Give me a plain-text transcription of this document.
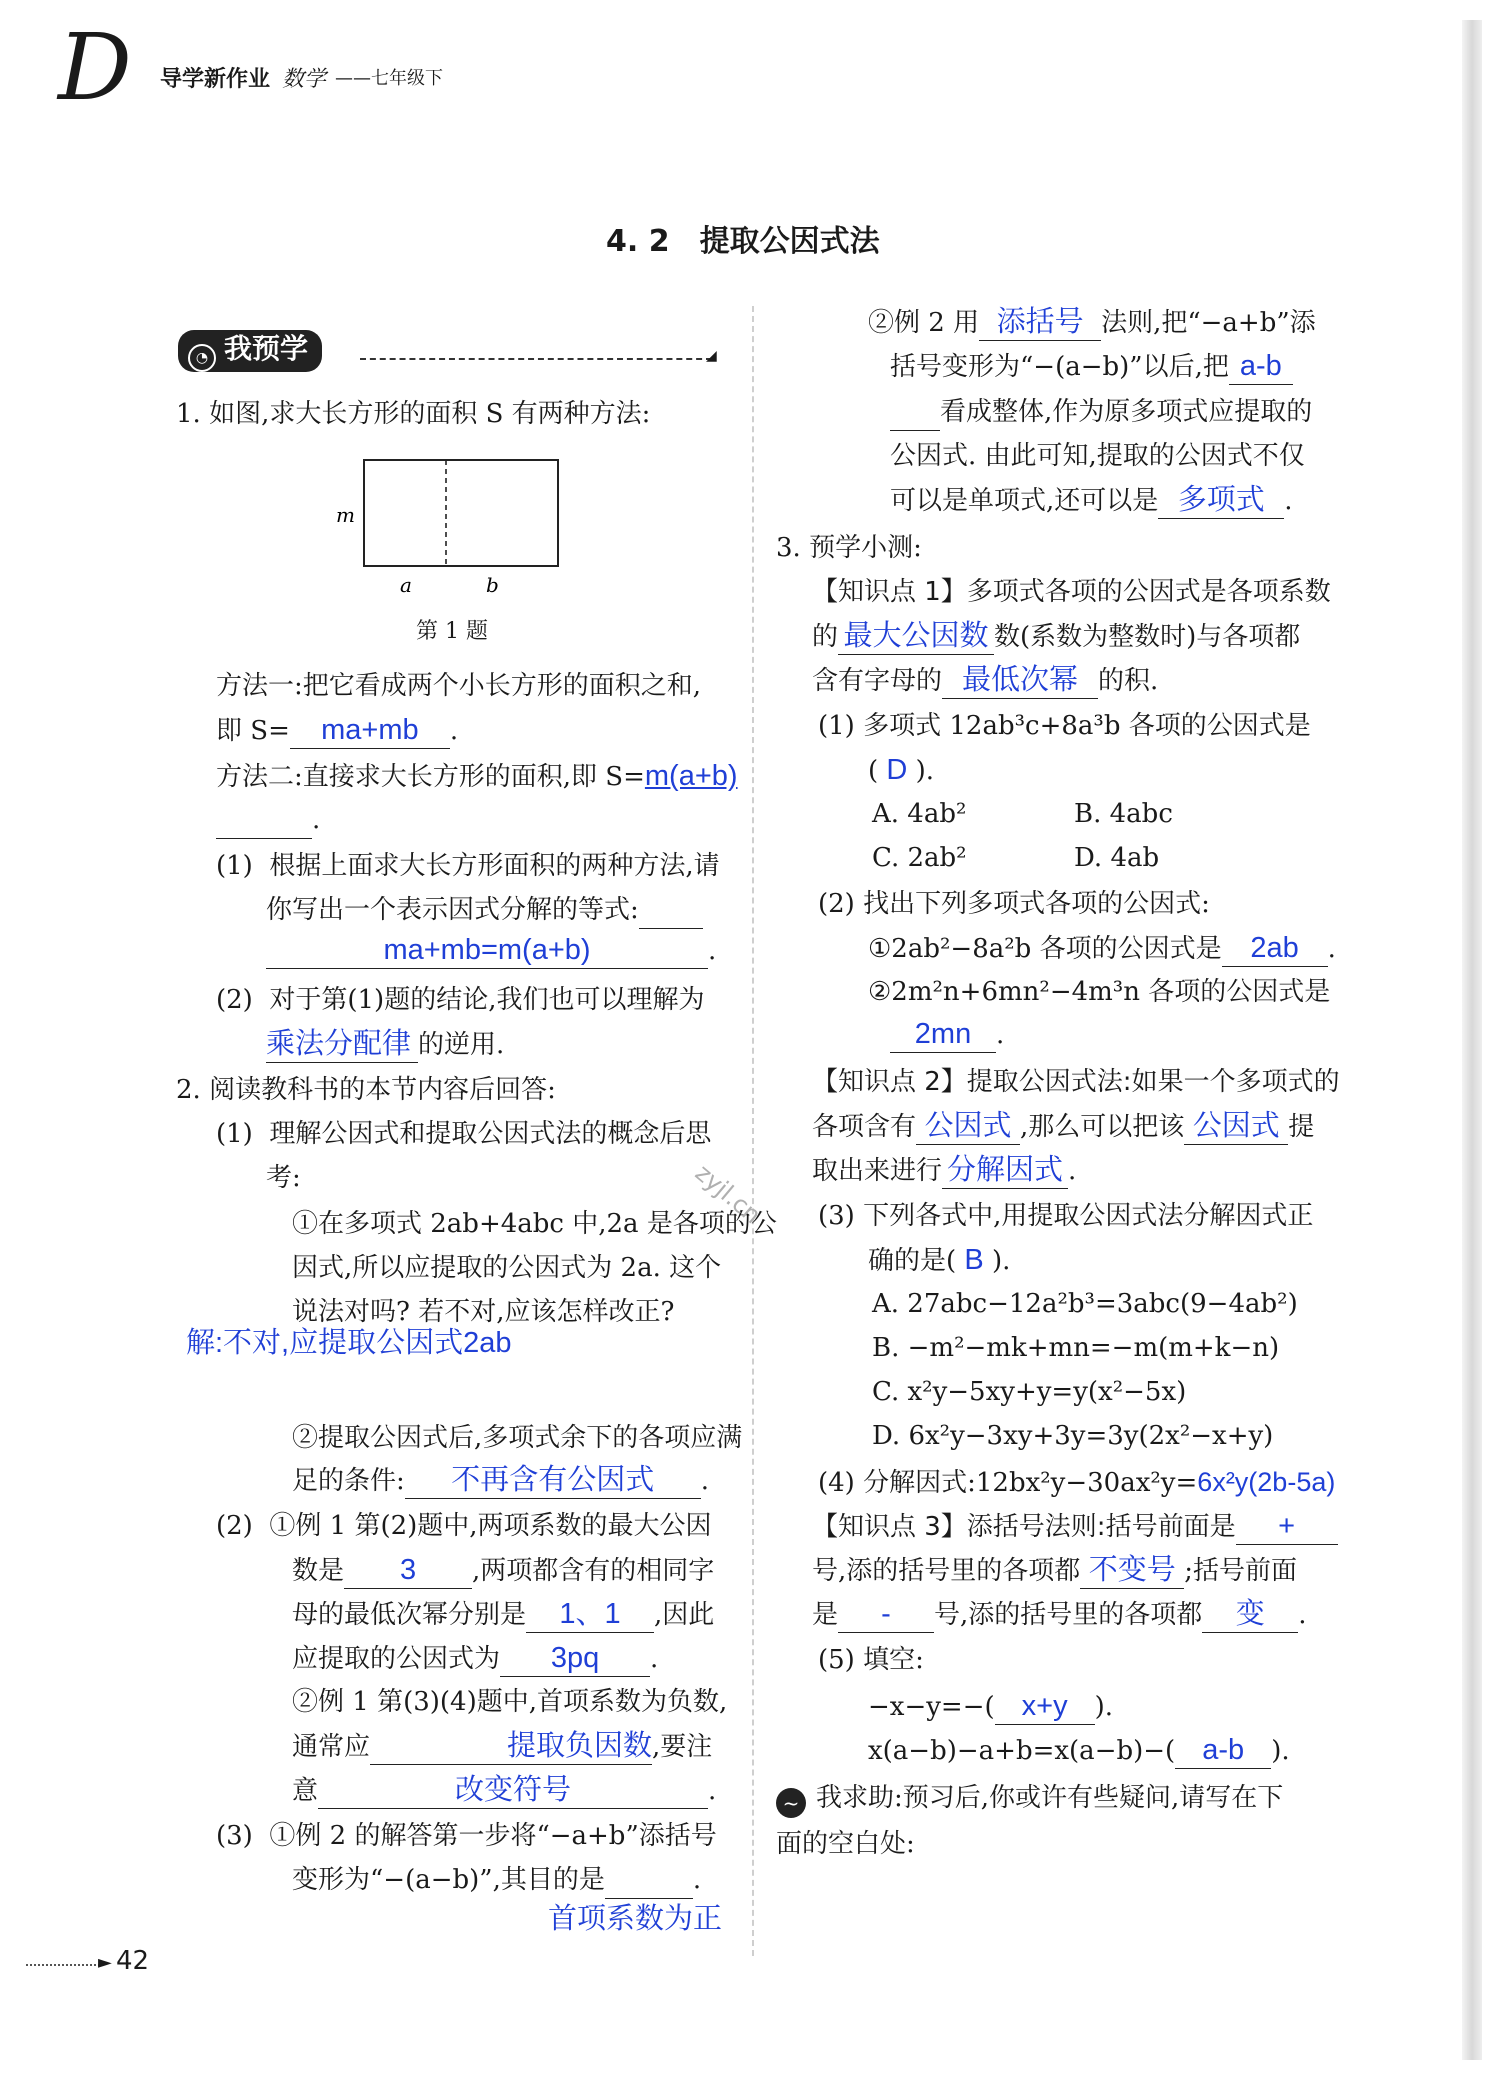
D 导学新作业 数学 ——七年级下
4. 2　提取公因式法
◔ 我预学	◢
1. 如图,求大长方形的面积 S 有两种方法:
m
a	b
第 1 题
方法一:把它看成两个小长方形的面积之和,
即 S= ma+mb .
方法二:直接求大长方形的面积,即 S=m(a+b)
.
(1) 根据上面求大长方形面积的两种方法,请
你写出一个表示因式分解的等式:
ma+mb=m(a+b)	.
(2) 对于第(1)题的结论,我们也可以理解为
乘法分配律 的逆用.
2. 阅读教科书的本节内容后回答:
(1) 理解公因式和提取公因式法的概念后思
考:
①在多项式 2ab+4abc 中,2a 是各项的公
因式,所以应提取的公因式为 2a. 这个
说法对吗? 若不对,应该怎样改正?
解:不对,应提取公因式2ab
②提取公因式后,多项式余下的各项应满
足的条件: 不再含有公因式 .
(2) ①例 1 第(2)题中,两项系数的最大公因
数是 3 ,两项都含有的相同字
母的最低次幂分别是 1、1 ,因此
应提取的公因式为 3pq .
②例 1 第(3)(4)题中,首项系数为负数,
通常应	提取负因数,要注
意	改变符号	.
(3) ①例 2 的解答第一步将“−a+b”添括号
变形为“−(a−b)”,其目的是	.
首项系数为正
②例 2 用 添括号 法则,把“−a+b”添
括号变形为“−(a−b)”以后,把 a-b
看成整体,作为原多项式应提取的
公因式. 由此可知,提取的公因式不仅
可以是单项式,还可以是 多项式 .
3. 预学小测:
【知识点 1】多项式各项的公因式是各项系数
的 最大公因数 数(系数为整数时)与各项都
含有字母的 最低次幂 的积.
(1) 多项式 12ab³c+8a³b 各项的公因式是
( D ).
A. 4ab²	B. 4abc
C. 2ab²	D. 4ab
(2) 找出下列多项式各项的公因式:
①2ab²−8a²b 各项的公因式是 2ab .
②2m²n+6mn²−4m³n 各项的公因式是
2mn .
【知识点 2】提取公因式法:如果一个多项式的
各项含有 公因式 ,那么可以把该 公因式 提
取出来进行 分解因式 .
(3) 下列各式中,用提取公因式法分解因式正
确的是( B ).
A. 27abc−12a²b³=3abc(9−4ab²)
B. −m²−mk+mn=−m(m+k−n)
C. x²y−5xy+y=y(x²−5x)
D. 6x²y−3xy+3y=3y(2x²−x+y)
(4) 分解因式:12bx²y−30ax²y=6x²y(2b-5a)
【知识点 3】添括号法则:括号前面是 +
号,添的括号里的各项都 不变号 ;括号前面
是 - 号,添的括号里的各项都 变 .
(5) 填空:
−x−y=−( x+y ).
x(a−b)−a+b=x(a−b)−( a-b ).
~ 我求助:预习后,你或许有些疑问,请写在下
面的空白处:
zyjl.cn
► 42
